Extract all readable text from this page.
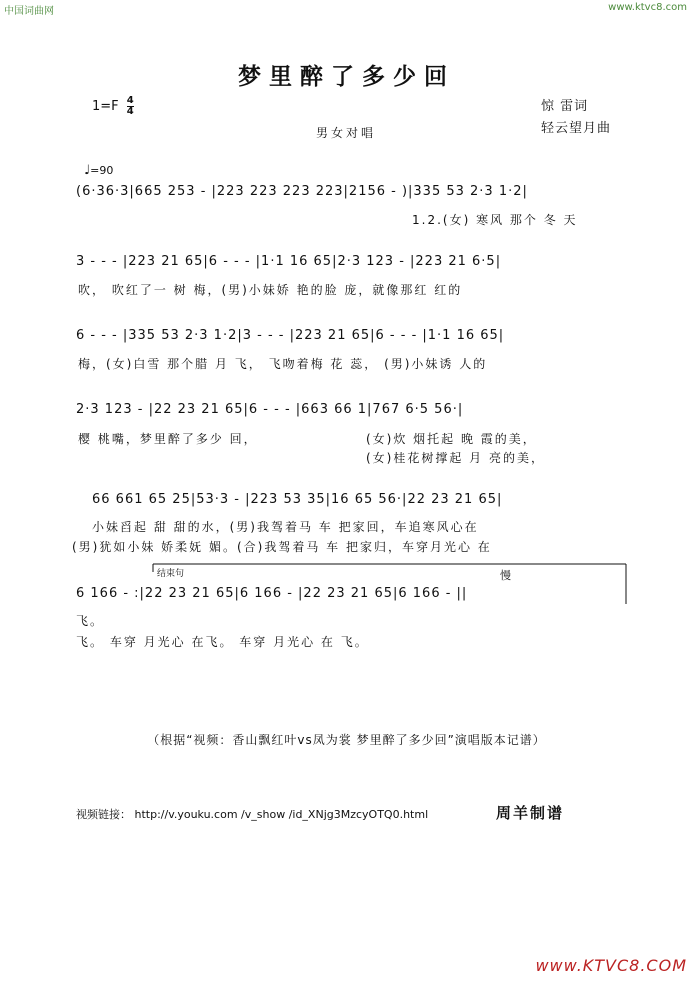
中国词曲网	www.ktvc8.com
梦里醉了多少回
$1=F \frac{4}{4}$	惊 雷词
轻云望月曲
男女对唱
♩=90
(6·36·3|665 253 - |223 223 223 223|2156 - )|335 53 2·3 1·2|
1.2.(女) 寒风 那个 冬 天
3 - - - |223 21 65|6 - - - |1·1 16 65|2·3 123 - |223 21 6·5|
吹， 吹红了一 树 梅，(男)小妹娇 艳的脸 庞，就像那红 红的
6 - - - |335 53 2·3 1·2|3 - - - |223 21 65|6 - - - |1·1 16 65|
梅，(女)白雪 那个腊 月 飞， 飞吻着梅 花 蕊， (男)小妹诱 人的
2·3 123 - |22 23 21 65|6 - - - |663 66 1|767 6·5 56·|
樱 桃嘴，梦里醉了多少 回，	(女)炊 烟托起 晚 霞的美，
(女)桂花树撑起 月 亮的美，
66 661 65 25|53·3 - |223 53 35|16 65 56·|22 23 21 65|
小妹舀起 甜 甜的水，(男)我驾着马 车 把家回，车追寒风心在
(男)犹如小妹 娇柔妩 媚。(合)我驾着马 车 把家归，车穿月光心 在
结束句	慢
6 166 - :|22 23 21 65|6 166 - |22 23 21 65|6 166 - ||
飞。
飞。 车穿 月光心 在飞。 车穿 月光心 在 飞。
（根据“视频：香山飘红叶vs凤为裳 梦里醉了多少回”演唱版本记谱）
视频链接： http://v.youku.com /v_show /id_XNjg3MzcyOTQ0.html	周羊制谱
www.KTVC8.COM
